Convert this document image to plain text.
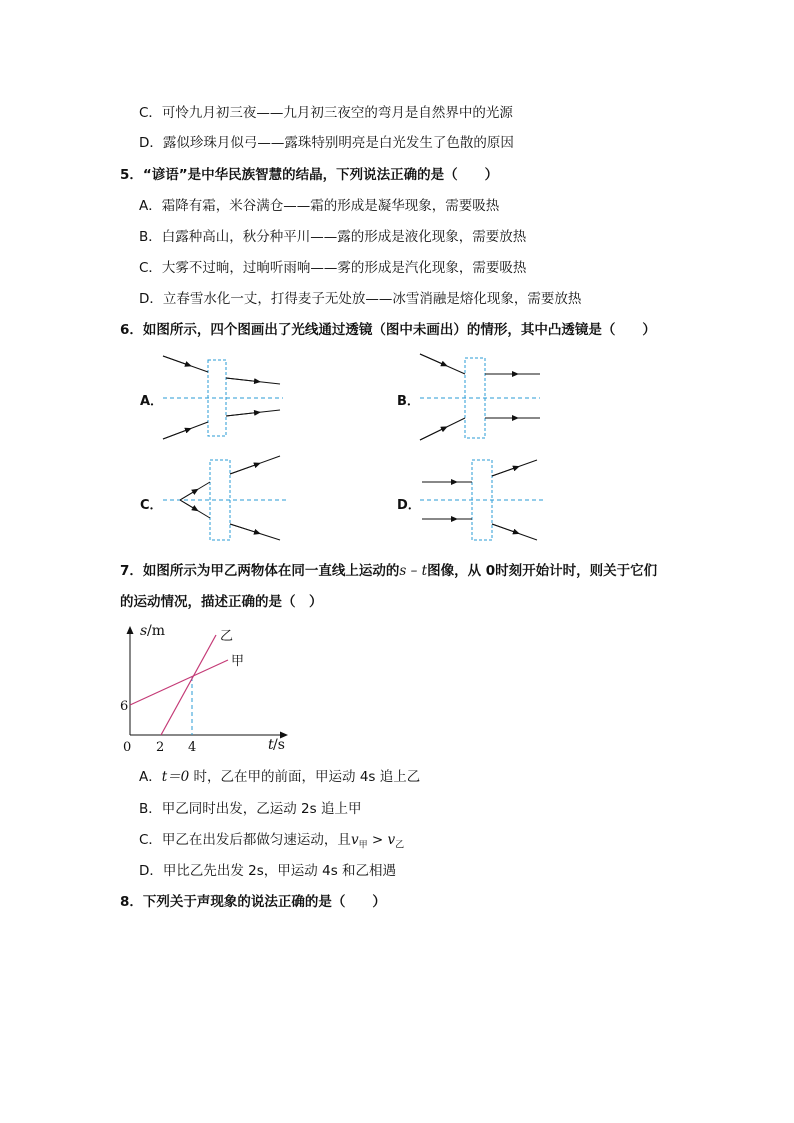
C．可怜九月初三夜——九月初三夜空的弯月是自然界中的光源
D．露似珍珠月似弓——露珠特别明亮是白光发生了色散的原因
5．“谚语”是中华民族智慧的结晶，下列说法正确的是（　　）
A．霜降有霜，米谷满仓——霜的形成是凝华现象，需要吸热
B．白露种高山，秋分种平川——露的形成是液化现象，需要放热
C．大雾不过晌，过晌听雨响——雾的形成是汽化现象，需要吸热
D．立春雪水化一丈，打得麦子无处放——冰雪消融是熔化现象，需要放热
6．如图所示，四个图画出了光线通过透镜（图中未画出）的情形，其中凸透镜是（　　）
A．	B．
C．	D．
7．如图所示为甲乙两物体在同一直线上运动的s – t图像，从 0时刻开始计时，则关于它们
的运动情况，描述正确的是（　）
s /m
6
0 2 4	t /s
乙
甲
A．t＝0 时，乙在甲的前面，甲运动 4s 追上乙
B．甲乙同时出发，乙运动 2s 追上甲
C．甲乙在出发后都做匀速运动，且$v_甲 > v_乙$
D．甲比乙先出发 2s，甲运动 4s 和乙相遇
8．下列关于声现象的说法正确的是（　　）
